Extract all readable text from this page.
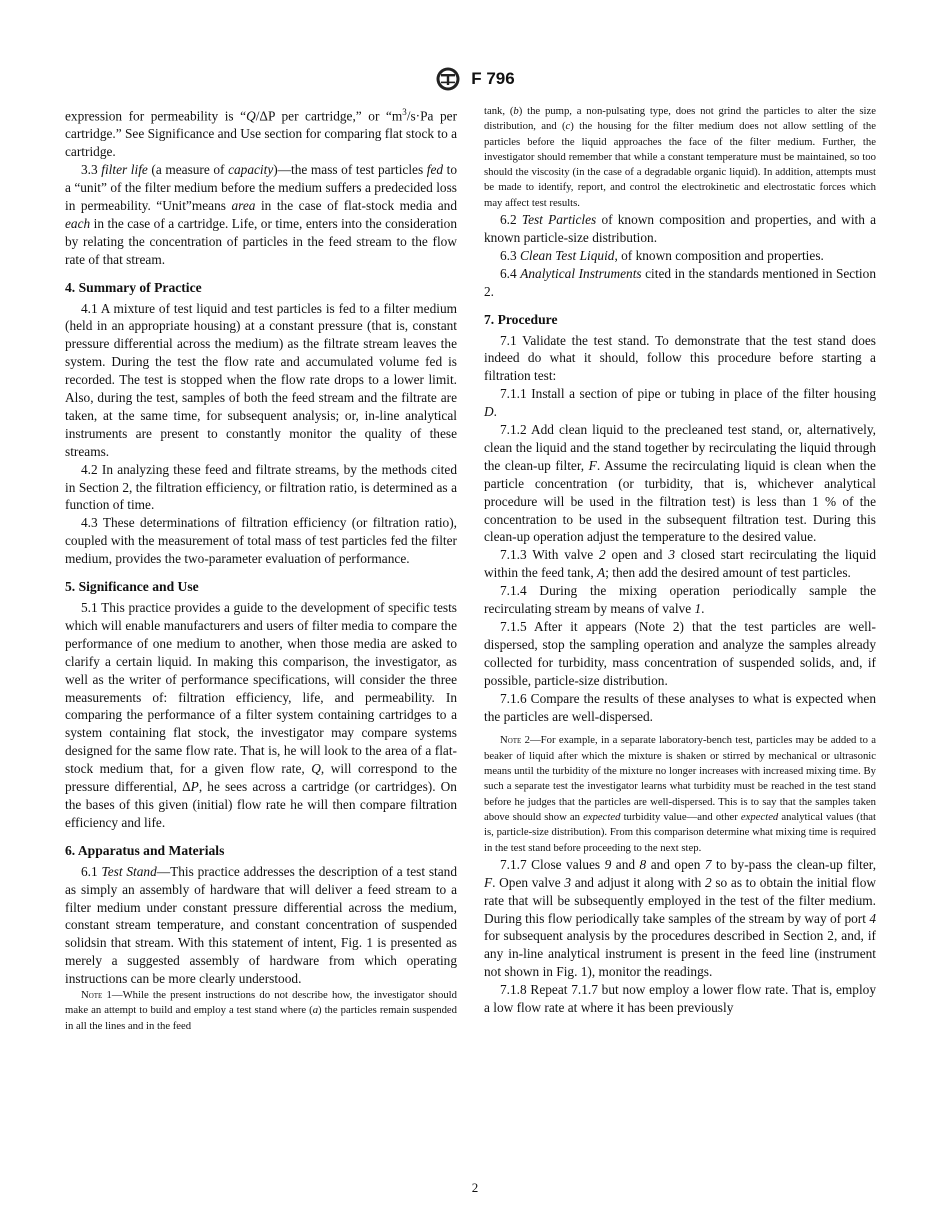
F 796

expression for permeability is “Q/ΔP per cartridge,” or “$m^3/s\cdot Pa$ per cartridge.” See Significance and Use section for comparing flat stock to a cartridge.

3.3 filter life (a measure of capacity)—the mass of test particles fed to a “unit” of the filter medium before the medium suffers a predecided loss in permeability. “Unit”means area in the case of flat-stock media and each in the case of a cartridge. Life, or time, enters into the consideration by relating the concentration of particles in the feed stream to the flow rate of that stream.

4. Summary of Practice

4.1 A mixture of test liquid and test particles is fed to a filter medium (held in an appropriate housing) at a constant pressure (that is, constant pressure differential across the medium) as the filtrate stream leaves the system. During the test the flow rate and accumulated volume fed is recorded. The test is stopped when the flow rate drops to a lower limit. Also, during the test, samples of both the feed stream and the filtrate are taken, at the same time, for subsequent analysis; or, in-line analytical instruments are present to constantly monitor the quality of these streams.

4.2 In analyzing these feed and filtrate streams, by the methods cited in Section 2, the filtration efficiency, or filtration ratio, is determined as a function of time.

4.3 These determinations of filtration efficiency (or filtration ratio), coupled with the measurement of total mass of test particles fed the filter medium, provides the two-parameter evaluation of performance.

5. Significance and Use

5.1 This practice provides a guide to the development of specific tests which will enable manufacturers and users of filter media to compare the performance of one medium to another, when those media are asked to clarify a certain liquid. In making this comparison, the investigator, as well as the writer of performance specifications, will consider the three measurements of: filtration efficiency, life, and permeability. In comparing the performance of a filter system containing cartridges to a system containing flat stock, the investigator may compare systems designed for the same flow rate. That is, he will look to the area of a flat-stock medium that, for a given flow rate, Q, will correspond to the pressure differential, ΔP, he sees across a cartridge (or cartridges). On the bases of this given (initial) flow rate he will then compare filtration efficiency and life.

6. Apparatus and Materials

6.1 Test Stand—This practice addresses the description of a test stand as simply an assembly of hardware that will deliver a feed stream to a filter medium under constant pressure differential across the medium, constant stream temperature, and constant concentration of suspended solidsin that stream. With this statement of intent, Fig. 1 is presented as merely a suggested assembly of hardware from which operating instructions can be more clearly understood.

Note 1—While the present instructions do not describe how, the investigator should make an attempt to build and employ a test stand where (a) the particles remain suspended in all the lines and in the feed

tank, (b) the pump, a non-pulsating type, does not grind the particles to alter the size distribution, and (c) the housing for the filter medium does not allow settling of the particles before the liquid approaches the face of the filter medium. Further, the investigator should remember that while a constant temperature must be maintained, so too should the viscosity (in the case of a degradable organic liquid). In addition, attempts must be made to identify, report, and control the electrokinetic and electrostatic forces which may affect test results.

6.2 Test Particles of known composition and properties, and with a known particle-size distribution.

6.3 Clean Test Liquid, of known composition and properties.

6.4 Analytical Instruments cited in the standards mentioned in Section 2.

7. Procedure

7.1 Validate the test stand. To demonstrate that the test stand does indeed do what it should, follow this procedure before starting a filtration test:

7.1.1 Install a section of pipe or tubing in place of the filter housing D.

7.1.2 Add clean liquid to the precleaned test stand, or, alternatively, clean the liquid and the stand together by recirculating the liquid through the clean-up filter, F. Assume the recirculating liquid is clean when the particle concentration (or turbidity, that is, whichever analytical procedure will be used in the filtration test) is less than 1 % of the concentration to be used in the subsequent filtration test. During this clean-up operation adjust the temperature to the desired value.

7.1.3 With valve 2 open and 3 closed start recirculating the liquid within the feed tank, A; then add the desired amount of test particles.

7.1.4 During the mixing operation periodically sample the recirculating stream by means of valve 1.

7.1.5 After it appears (Note 2) that the test particles are well-dispersed, stop the sampling operation and analyze the samples already collected for turbidity, mass concentration of suspended solids, and, if possible, particle-size distribution.

7.1.6 Compare the results of these analyses to what is expected when the particles are well-dispersed.

Note 2—For example, in a separate laboratory-bench test, particles may be added to a beaker of liquid after which the mixture is shaken or stirred by mechanical or ultrasonic means until the turbidity of the mixture no longer increases with increased mixing time. By such a separate test the investigator learns what turbidity must be reached in the test stand before he judges that the particles are well-dispersed. This is to say that the samples taken above should show an expected turbidity value—and other expected analytical values (that is, particle-size distribution). From this comparison determine what mixing time is required in the test stand before proceeding to the next step.

7.1.7 Close values 9 and 8 and open 7 to by-pass the clean-up filter, F. Open valve 3 and adjust it along with 2 so as to obtain the initial flow rate that will be subsequently employed in the test of the filter medium. During this flow periodically take samples of the stream by way of port 4 for subsequent analysis by the procedures described in Section 2, and, if any in-line analytical instrument is present in the feed line (instrument not shown in Fig. 1), monitor the readings.

7.1.8 Repeat 7.1.7 but now employ a lower flow rate. That is, employ a low flow rate at where it has been previously

2
